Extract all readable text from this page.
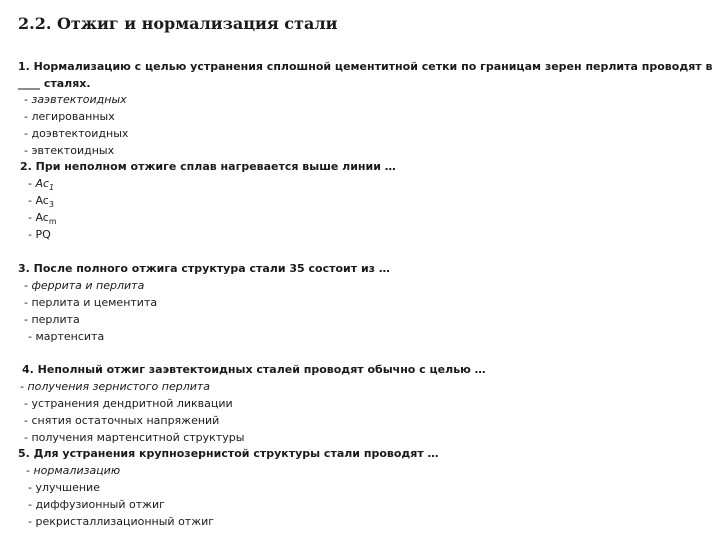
2.2. Отжиг и нормализация стали
1. Нормализацию с целью устранения сплошной цементитной сетки по границам зерен перлита проводят в
____ сталях.
- заэвтектоидных
- легированных
- доэвтектоидных
- эвтектоидных
2. При неполном отжиге сплав нагревается выше линии …
- $Ac_1$
- $Ac_3$
- $Ac_m$
- PQ
3. После полного отжига структура стали 35 состоит из …
- феррита и перлита
- перлита и цементита
- перлита
- мартенсита
4. Неполный отжиг заэвтектоидных сталей проводят обычно с целью …
- получения зернистого перлита
- устранения дендритной ликвации
- снятия остаточных напряжений
- получения мартенситной структуры
5. Для устранения крупнозернистой структуры стали проводят …
- нормализацию
- улучшение
- диффузионный отжиг
- рекристаллизационный отжиг
